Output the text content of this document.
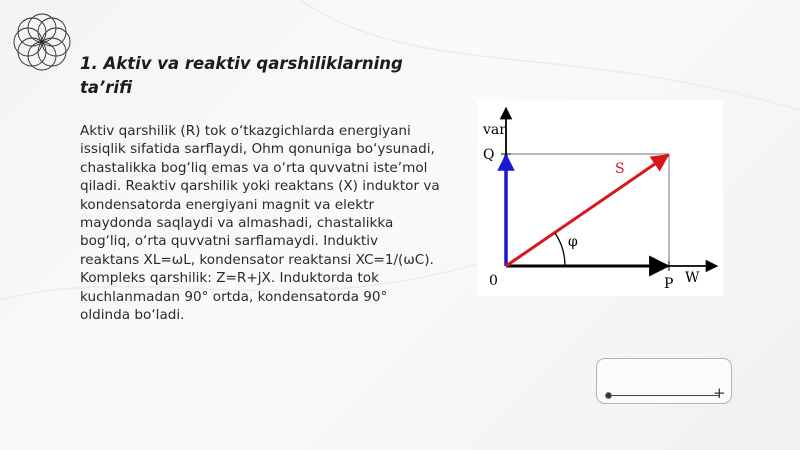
1. Aktiv va reaktiv qarshiliklarning
ta’rifi

Aktiv qarshilik (R) tok o‘tkazgichlarda energiyani issiqlik sifatida sarflaydi, Ohm qonuniga bo‘ysunadi, chastalikka bog‘liq emas va o‘rta quvvatni iste’mol qiladi. Reaktiv qarshilik yoki reaktans (X) induktor va kondensatorda energiyani magnit va elektr maydonda saqlaydi va almashadi, chastalikka bog‘liq, o‘rta quvvatni sarflamaydi. Induktiv reaktans XL=ωL, kondensator reaktansi XC=1/(ωC). Kompleks qarshilik: Z=R+jX. Induktorda tok kuchlanmadan 90° ortda, kondensatorda 90° oldinda bo‘ladi.

var
Q
S
φ
0	P W
+
